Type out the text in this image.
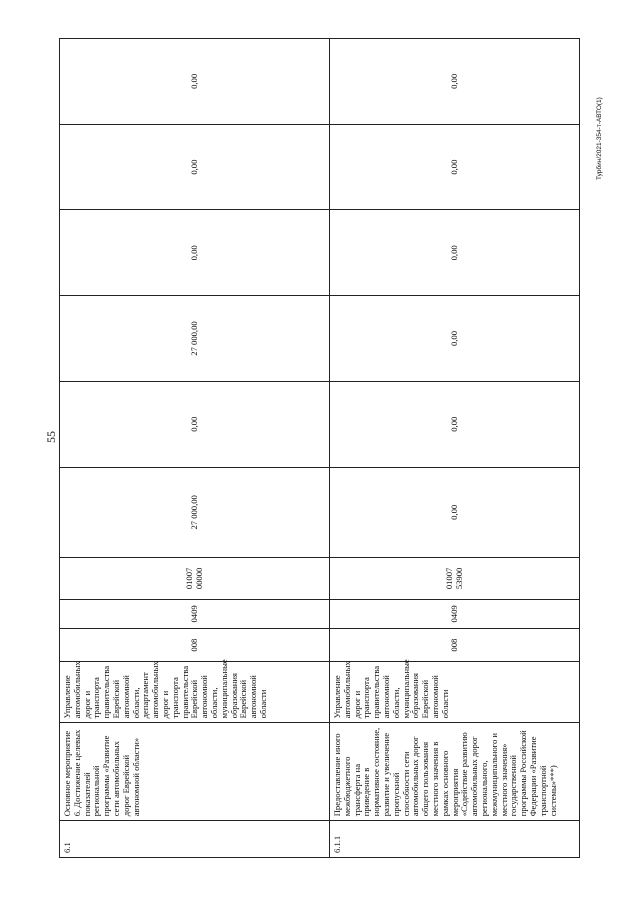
55
Турбин/2021-354-т-АВТО(1)
6.1	Основное мероприятие 6. Достижение целевых показателей региональной программы «Развитие сети автомобильных дорог Еврейской автономной области»	Управление автомобильных дорог и транспорта правительства Еврейской автономной области, департамент автомобильных дорог и транспорта правительства Еврейской автономной области, муниципальные образования Еврейской автономной области	008	0409	01007 00000	27 000,00	0,00	27 000,00	0,00	0,00	0,00
6.1.1	Предоставление иного межбюджетного трансферта на приведение в нормативное состояние, развитие и увеличение пропускной способности сети автомобильных дорог общего пользования местного значения в рамках основного мероприятия «Содействие развитию автомобильных дорог регионального, межмуниципального и местного значения» государственной программы Российской Федерации «Развитие транспортной системы»***)	Управление автомобильных дорог и транспорта правительства автономной области, муниципальные образования Еврейской автономной области	008	0409	01007 53900	0,00	0,00	0,00	0,00	0,00	0,00
